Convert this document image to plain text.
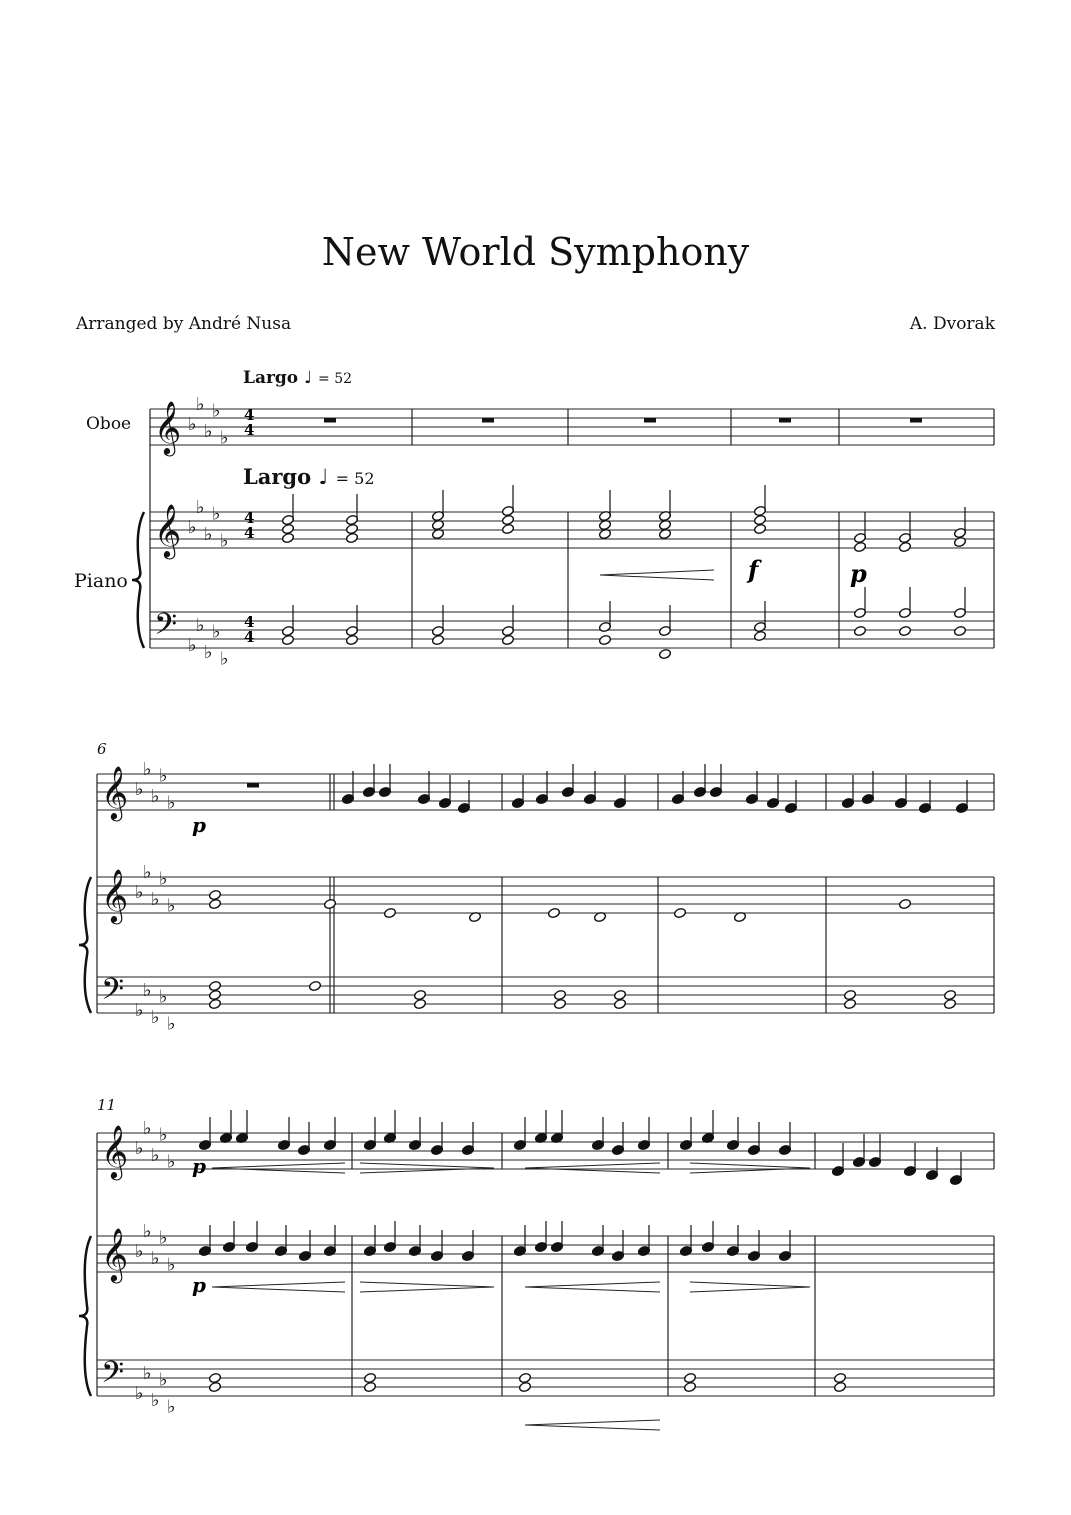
New World Symphony
Arranged by André Nusa	A. Dvorak
Largo ♩ = 52
Largo ♩ = 52
Oboe
Piano
6
11
𝄞
𝄞
𝄢
𝄞
𝄞
𝄢
𝄞
𝄞
𝄢
♭
♭
♭
♭
♭
♭
♭
♭
♭
♭
♭
♭
♭
♭
♭
♭
♭
♭
♭
♭
♭
♭
♭
♭
♭
♭
♭
♭
♭
♭
♭
♭
♭
♭
♭
♭
♭
♭
♭
♭
♭
♭
♭
♭
♭
4
4
4
4
4
4
f	p
p
p
p
